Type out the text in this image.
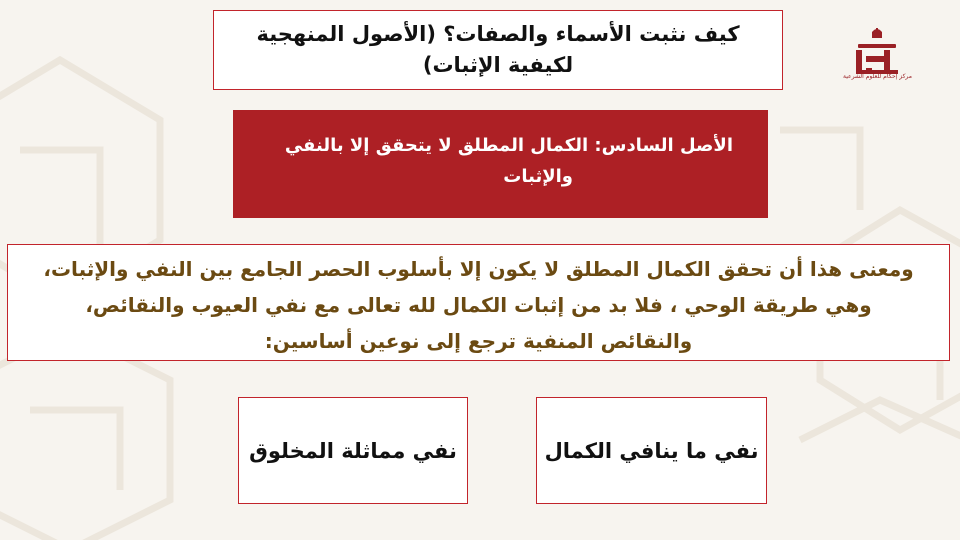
كيف نثبت الأسماء والصفات؟ (الأصول المنهجية
لكيفية الإثبات)
الأصل السادس: الكمال المطلق لا يتحقق إلا بالنفي
والإثبات
ومعنى هذا أن تحقق الكمال المطلق لا يكون إلا بأسلوب الحصر الجامع بين النفي والإثبات،
وهي طريقة الوحي ، فلا بد من إثبات الكمال لله تعالى مع نفي العيوب والنقائص،
والنقائص المنفية ترجع إلى نوعين أساسين:
نفي ما ينافي الكمال
نفي مماثلة المخلوق
مركز إحكام للعلوم الشرعية
